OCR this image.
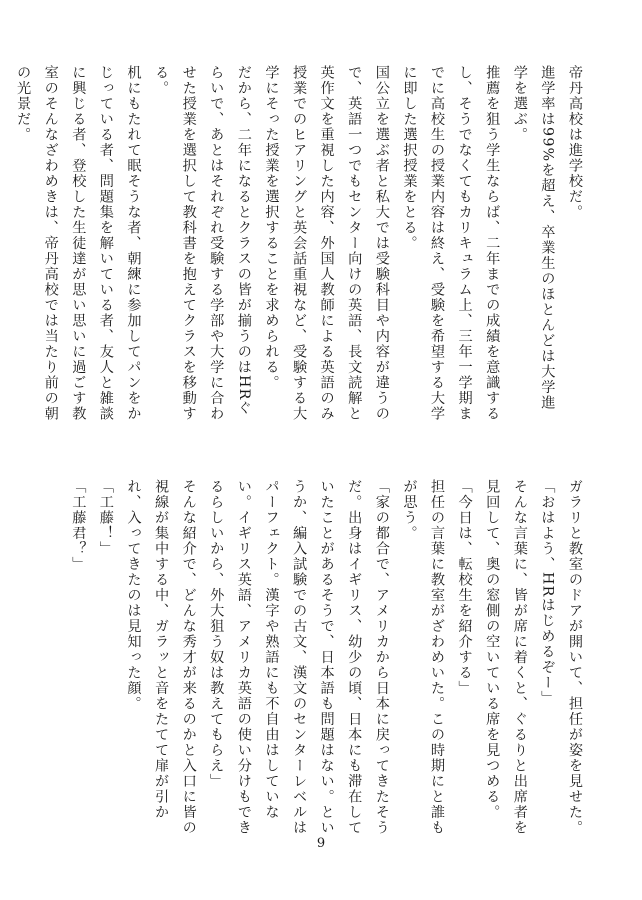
帝丹高校は進学校だ。

進学率は99%を超え、卒業生のほとんどは大学進学を選ぶ。

推薦を狙う学生ならば、二年までの成績を意識するし、そうでなくてもカリキュラム上、三年一学期までに高校生の授業内容は終え、受験を希望する大学に即した選択授業をとる。

国公立を選ぶ者と私大では受験科目や内容が違うので、英語一つでもセンター向けの英語、長文読解と英作文を重視した内容、外国人教師による英語のみ授業でのヒアリングと英会話重視など、受験する大学にそった授業を選択することを求められる。

だから、二年になるとクラスの皆が揃うのはHRぐらいで、あとはそれぞれ受験する学部や大学に合わせた授業を選択して教科書を抱えてクラスを移動する。

机にもたれて眠そうな者、朝練に参加してパンをかじっている者、問題集を解いている者、友人と雑談に興じる者、登校した生徒達が思い思いに過ごす教室のそんなざわめきは、帝丹高校では当たり前の朝の光景だ。

ガラリと教室のドアが開いて、担任が姿を見せた。

「おはよう、HRはじめるぞー」

そんな言葉に、皆が席に着くと、ぐるりと出席者を見回して、奥の窓側の空いている席を見つめる。

「今日は、転校生を紹介する」

担任の言葉に教室がざわめいた。この時期にと誰もが思う。

「家の都合で、アメリカから日本に戻ってきたそうだ。出身はイギリス、幼少の頃、日本にも滞在していたことがあるそうで、日本語も問題はない。というか、編入試験での古文、漢文のセンターレベルはパーフェクト。漢字や熟語にも不自由はしていない。イギリス英語、アメリカ英語の使い分けもできるらしいから、外大狙う奴は教えてもらえ」

そんな紹介で、どんな秀才が来るのかと入口に皆の視線が集中する中、ガラッと音をたてて扉が引かれ、入ってきたのは見知った顔。

「工藤！」

「工藤君？」

9
